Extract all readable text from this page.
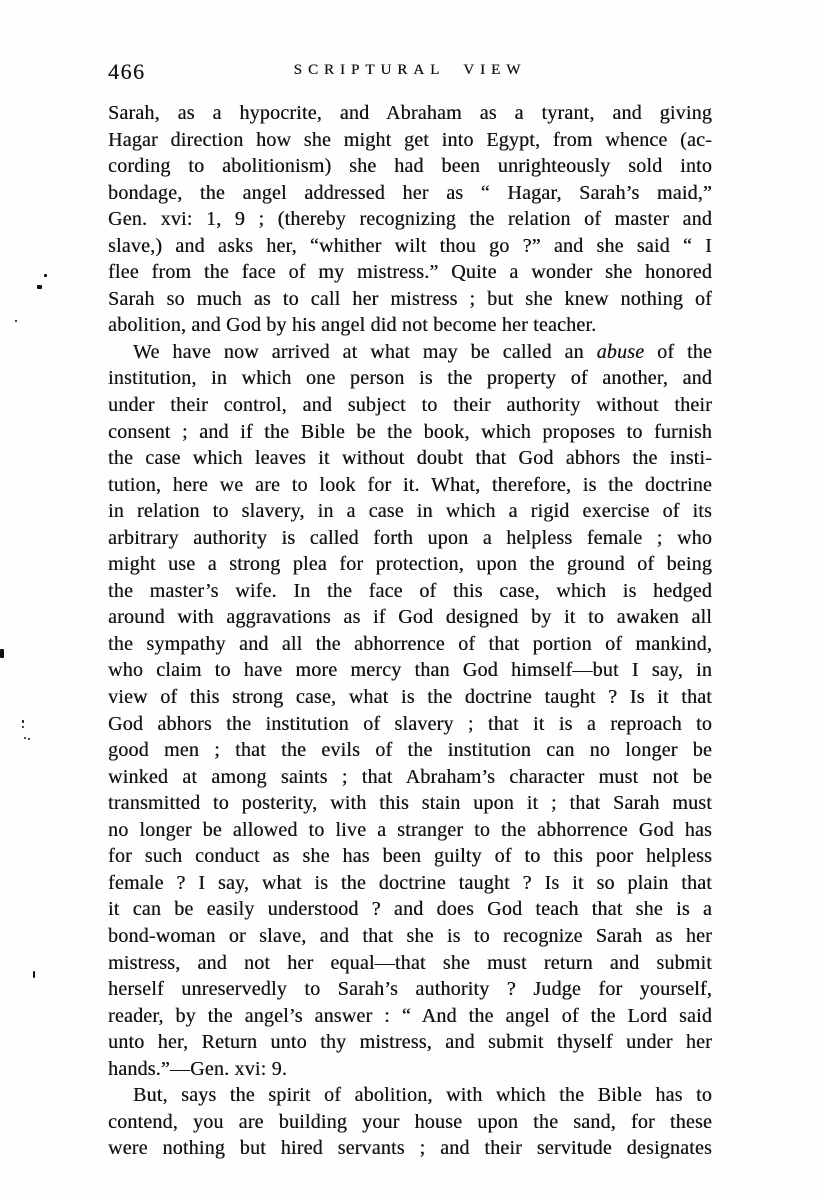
466	SCRIPTURAL VIEW
Sarah, as a hypocrite, and Abraham as a tyrant, and giving
Hagar direction how she might get into Egypt, from whence (ac-
cording to abolitionism) she had been unrighteously sold into
bondage, the angel addressed her as “ Hagar, Sarah’s maid,”
Gen. xvi: 1, 9 ; (thereby recognizing the relation of master and
slave,) and asks her, “whither wilt thou go ?” and she said “ I
flee from the face of my mistress.” Quite a wonder she honored
Sarah so much as to call her mistress ; but she knew nothing of
abolition, and God by his angel did not become her teacher.
We have now arrived at what may be called an abuse of the
institution, in which one person is the property of another, and
under their control, and subject to their authority without their
consent ; and if the Bible be the book, which proposes to furnish
the case which leaves it without doubt that God abhors the insti-
tution, here we are to look for it. What, therefore, is the doctrine
in relation to slavery, in a case in which a rigid exercise of its
arbitrary authority is called forth upon a helpless female ; who
might use a strong plea for protection, upon the ground of being
the master’s wife. In the face of this case, which is hedged
around with aggravations as if God designed by it to awaken all
the sympathy and all the abhorrence of that portion of mankind,
who claim to have more mercy than God himself—but I say, in
view of this strong case, what is the doctrine taught ? Is it that
God abhors the institution of slavery ; that it is a reproach to
good men ; that the evils of the institution can no longer be
winked at among saints ; that Abraham’s character must not be
transmitted to posterity, with this stain upon it ; that Sarah must
no longer be allowed to live a stranger to the abhorrence God has
for such conduct as she has been guilty of to this poor helpless
female ? I say, what is the doctrine taught ? Is it so plain that
it can be easily understood ? and does God teach that she is a
bond-woman or slave, and that she is to recognize Sarah as her
mistress, and not her equal—that she must return and submit
herself unreservedly to Sarah’s authority ? Judge for yourself,
reader, by the angel’s answer : “ And the angel of the Lord said
unto her, Return unto thy mistress, and submit thyself under her
hands.”—Gen. xvi: 9.
But, says the spirit of abolition, with which the Bible has to
contend, you are building your house upon the sand, for these
were nothing but hired servants ; and their servitude designates
